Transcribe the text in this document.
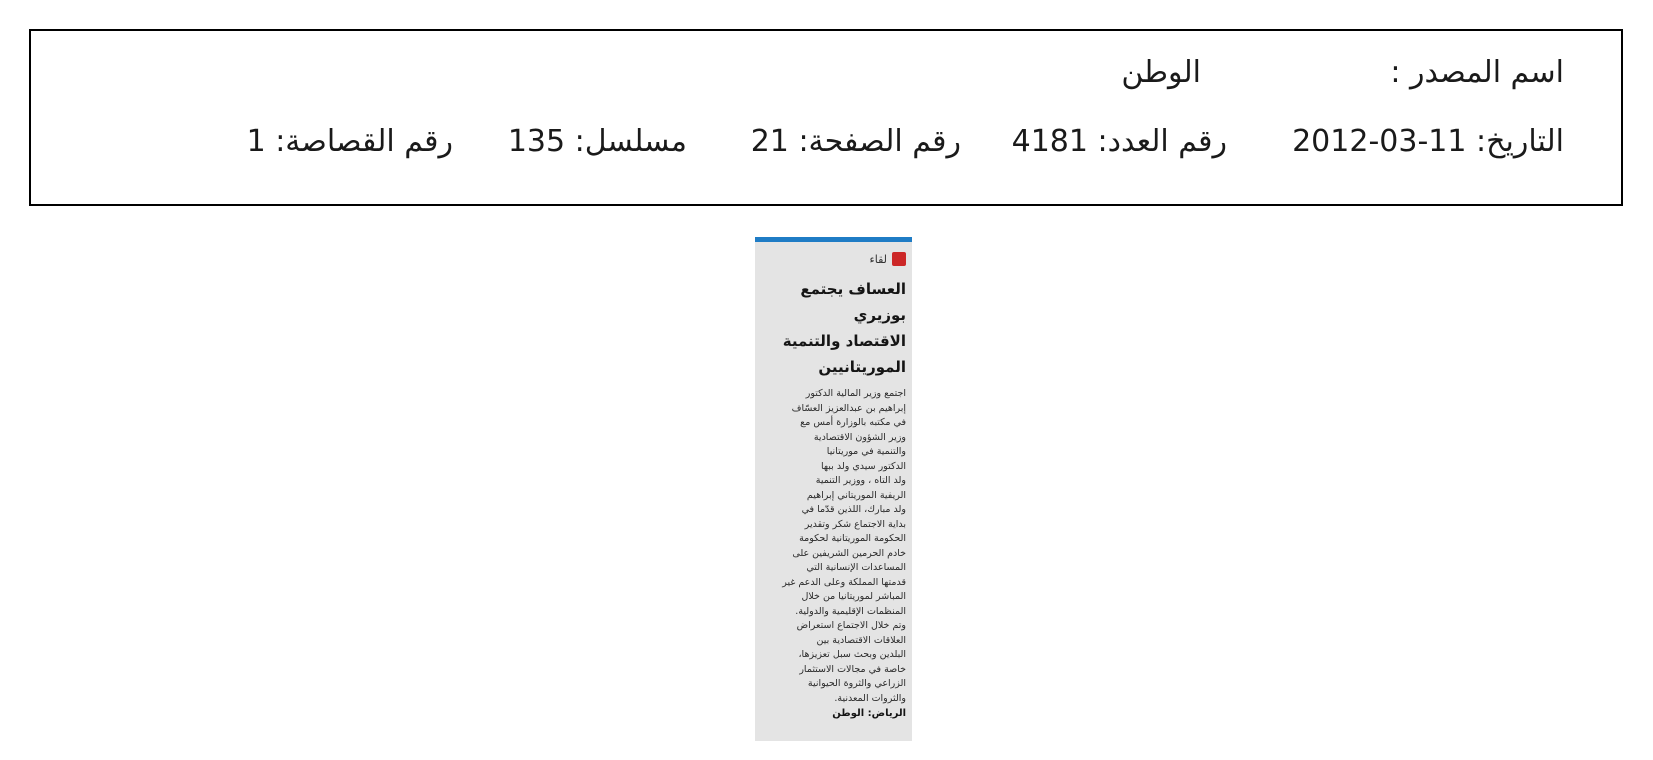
اسم المصدر :
الوطن
التاريخ: 11-03-2012
رقم العدد: 4181
رقم الصفحة: 21
مسلسل: 135
رقم القصاصة: 1
لقاء
العساف يجتمع بوزيري
الاقتصاد والتنمية
الموريتانيين
اجتمع وزير المالية الدكتور
إبراهيم بن عبدالعزيز العسّاف
في مكتبه بالوزارة أمس مع
وزير الشؤون الاقتصادية
والتنمية في موريتانيا
الدكتور سيدي ولد ببها
ولد التاه ، ووزير التنمية
الريفية الموريتاني إبراهيم
ولد مبارك، اللذين قدّما في
بداية الاجتماع شكر وتقدير
الحكومة الموريتانية لحكومة
خادم الحرمين الشريفين على
المساعدات الإنسانية التي
قدمتها المملكة وعلى الدعم غير
المباشر لموريتانيا من خلال
المنظمات الإقليمية والدولية.
وتم خلال الاجتماع استعراض
العلاقات الاقتصادية بين
البلدين وبحث سبل تعزيزها،
خاصة في مجالات الاستثمار
الزراعي والثروة الحيوانية
والثروات المعدنية.
الرياض: الوطن
